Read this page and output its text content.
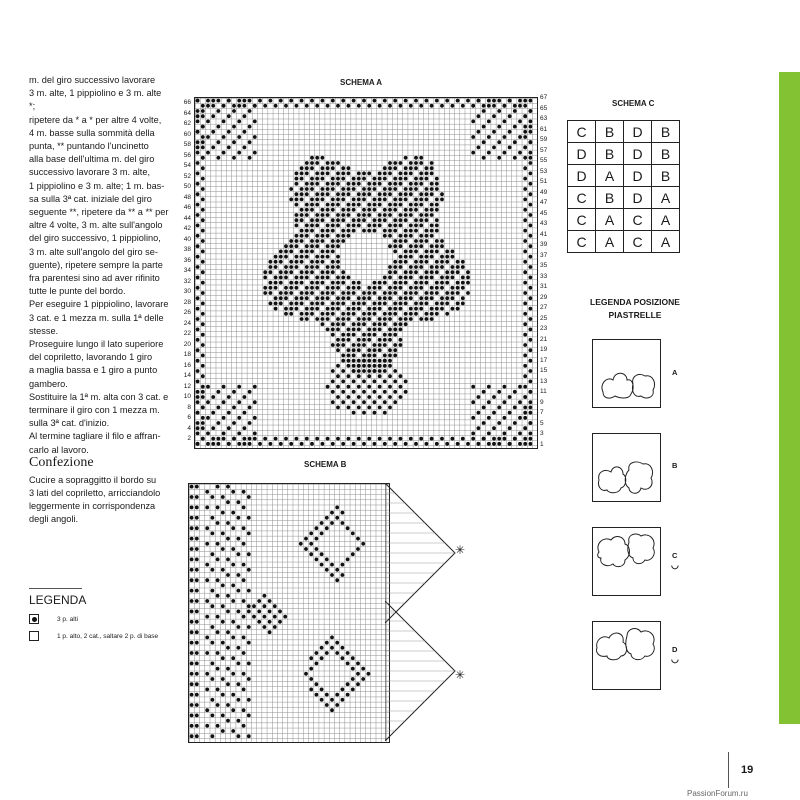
m. del giro successivo lavorare

3 m. alte, 1 pippiolino e 3 m. alte *;

ripetere da * a * per altre 4 volte,

4 m. basse sulla sommità della

punta, ** puntando l'uncinetto

alla base dell'ultima m. del giro

successivo lavorare 3 m. alte,

1 pippiolino e 3 m. alte; 1 m. bas-

sa sulla 3ª cat. iniziale del giro

seguente **, ripetere da ** a ** per

altre 4 volte, 3 m. alte sull'angolo

del giro successivo, 1 pippiolino,

3 m. alte sull'angolo del giro se-

guente), ripetere sempre la parte

fra parentesi sino ad aver rifinito

tutte le punte del bordo.

Per eseguire 1 pippiolino, lavorare

3 cat. e 1 mezza m. sulla 1ª delle

stesse.

Proseguire lungo il lato superiore

del copriletto, lavorando 1 giro

a maglia bassa e 1 giro a punto

gambero.

Sostituire la 1ª m. alta con 3 cat. e

terminare il giro con 1 mezza m.

sulla 3ª cat. d'inizio.

Al termine tagliare il filo e affran-

carlo al lavoro.

Confezione
Cucire a sopraggitto il bordo su
3 lati del copriletto, arricciandolo
leggermente in corrispondenza
degli angoli.
LEGENDA
3 p. alti
1 p. alto, 2 cat., saltare 2 p. di base
SCHEMA A
66
64
62
60
58
56
54
52
50
48
46
44
42
40
38
36
34
32
30
28
26
24
22
20
18
16
14
12
10
8
6
4
2
67
65
63
61
59
57
55
53
51
49
47
45
43
41
39
37
35
33
31
29
27
25
23
21
19
17
15
13
11
9
7
5
3
1
SCHEMA B
✳
✳
SCHEMA C
C	B	D	B
D	B	D	B
D	A	D	B
C	B	D	A
C	A	C	A
C	A	C	A
LEGENDA POSIZIONE
PIASTRELLE
A
B
C
◡
D
◡
19
PassionForum.ru
